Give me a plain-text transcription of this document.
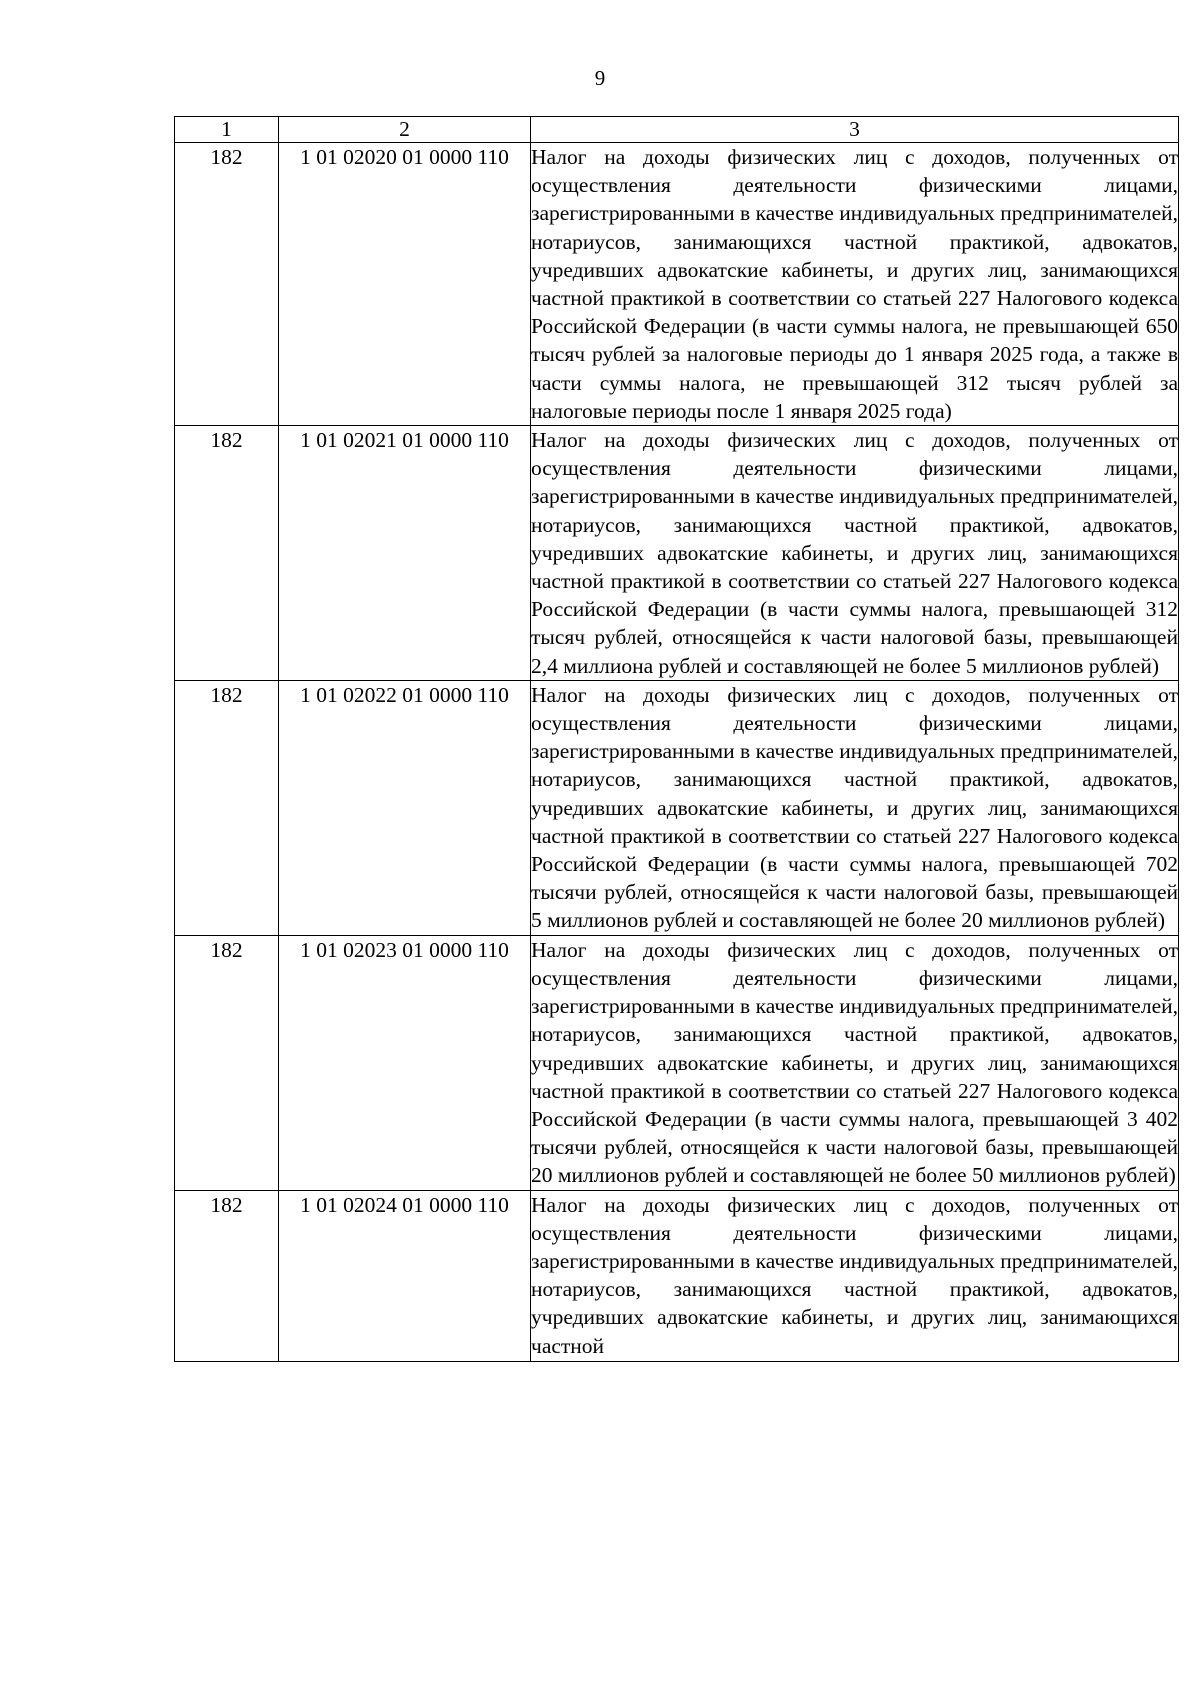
9
1	2	3
182	1 01 02020 01 0000 110	Налог на доходы физических лиц с доходов, полученных от осуществления деятельности физическими лицами, зарегистрированными в качестве индивидуальных предпринимателей, нотариусов, занимающихся частной практикой, адвокатов, учредивших адвокатские кабинеты, и других лиц, занимающихся частной практикой в соответствии со статьей 227 Налогового кодекса Российской Федерации (в части суммы налога, не превышающей 650 тысяч рублей за налоговые периоды до 1 января 2025 года, а также в части суммы налога, не превышающей 312 тысяч рублей за налоговые периоды после 1 января 2025 года)
182	1 01 02021 01 0000 110	Налог на доходы физических лиц с доходов, полученных от осуществления деятельности физическими лицами, зарегистрированными в качестве индивидуальных предпринимателей, нотариусов, занимающихся частной практикой, адвокатов, учредивших адвокатские кабинеты, и других лиц, занимающихся частной практикой в соответствии со статьей 227 Налогового кодекса Российской Федерации (в части суммы налога, превышающей 312 тысяч рублей, относящейся к части налоговой базы, превышающей 2,4 миллиона рублей и составляющей не более 5 миллионов рублей)
182	1 01 02022 01 0000 110	Налог на доходы физических лиц с доходов, полученных от осуществления деятельности физическими лицами, зарегистрированными в качестве индивидуальных предпринимателей, нотариусов, занимающихся частной практикой, адвокатов, учредивших адвокатские кабинеты, и других лиц, занимающихся частной практикой в соответствии со статьей 227 Налогового кодекса Российской Федерации (в части суммы налога, превышающей 702 тысячи рублей, относящейся к части налоговой базы, превышающей 5 миллионов рублей и составляющей не более 20 миллионов рублей)
182	1 01 02023 01 0000 110	Налог на доходы физических лиц с доходов, полученных от осуществления деятельности физическими лицами, зарегистрированными в качестве индивидуальных предпринимателей, нотариусов, занимающихся частной практикой, адвокатов, учредивших адвокатские кабинеты, и других лиц, занимающихся частной практикой в соответствии со статьей 227 Налогового кодекса Российской Федерации (в части суммы налога, превышающей 3 402 тысячи рублей, относящейся к части налоговой базы, превышающей 20 миллионов рублей и составляющей не более 50 миллионов рублей)
182	1 01 02024 01 0000 110	Налог на доходы физических лиц с доходов, полученных от осуществления деятельности физическими лицами, зарегистрированными в качестве индивидуальных предпринимателей, нотариусов, занимающихся частной практикой, адвокатов, учредивших адвокатские кабинеты, и других лиц, занимающихся частной
